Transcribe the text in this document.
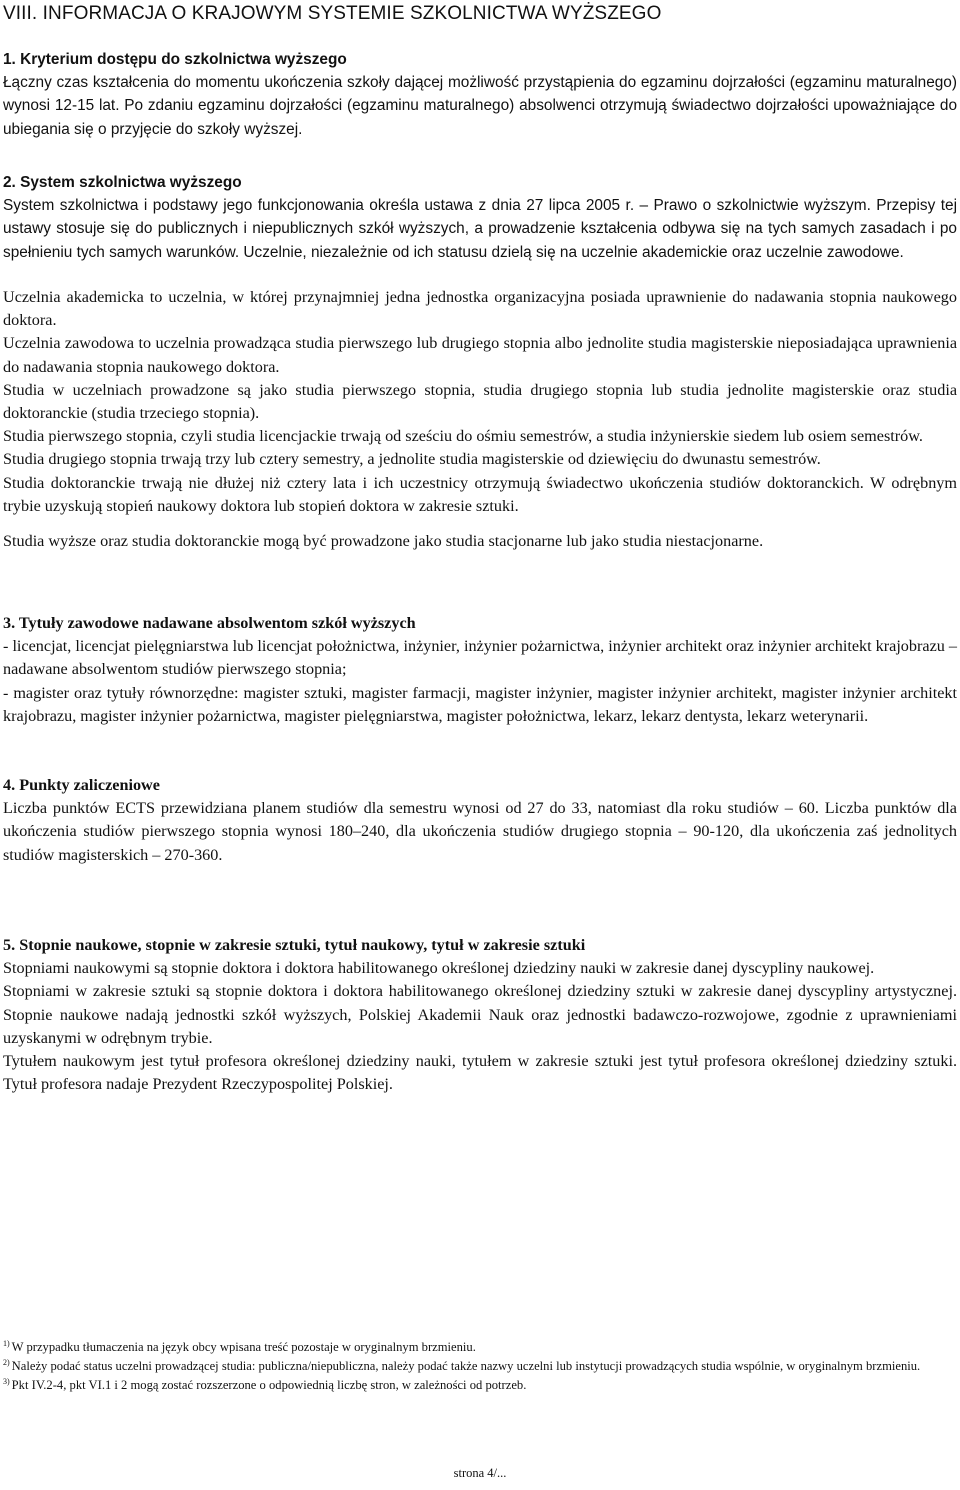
VIII. INFORMACJA O KRAJOWYM SYSTEMIE SZKOLNICTWA WYŻSZEGO
1. Kryterium dostępu do szkolnictwa wyższego

Łączny czas kształcenia do momentu ukończenia szkoły dającej możliwość przystąpienia do egzaminu dojrzałości (egzaminu maturalnego) wynosi 12-15 lat. Po zdaniu egzaminu dojrzałości (egzaminu maturalnego) absolwenci otrzymują świadectwo dojrzałości upoważniające do ubiegania się o przyjęcie do szkoły wyższej.

2. System szkolnictwa wyższego

System szkolnictwa i podstawy jego funkcjonowania określa ustawa z dnia 27 lipca 2005 r. – Prawo o szkolnictwie wyższym. Przepisy tej ustawy stosuje się do publicznych i niepublicznych szkół wyższych, a prowadzenie kształcenia odbywa się na tych samych zasadach i po spełnieniu tych samych warunków. Uczelnie, niezależnie od ich statusu dzielą się na uczelnie akademickie oraz uczelnie zawodowe.

Uczelnia akademicka to uczelnia, w której przynajmniej jedna jednostka organizacyjna posiada uprawnienie do nadawania stopnia naukowego doktora.

Uczelnia zawodowa to uczelnia prowadząca studia pierwszego lub drugiego stopnia albo jednolite studia magisterskie nieposiadająca uprawnienia do nadawania stopnia naukowego doktora.

Studia w uczelniach prowadzone są jako studia pierwszego stopnia, studia drugiego stopnia lub studia jednolite magisterskie oraz studia doktoranckie (studia trzeciego stopnia).

Studia pierwszego stopnia, czyli studia licencjackie trwają od sześciu do ośmiu semestrów, a studia inżynierskie siedem lub osiem semestrów.

Studia drugiego stopnia trwają trzy lub cztery semestry, a jednolite studia magisterskie od dziewięciu do dwunastu semestrów.

Studia doktoranckie trwają nie dłużej niż cztery lata i ich uczestnicy otrzymują świadectwo ukończenia studiów doktoranckich. W odrębnym trybie uzyskują stopień naukowy doktora lub stopień doktora w zakresie sztuki.

Studia wyższe oraz studia doktoranckie mogą być prowadzone jako studia stacjonarne lub jako studia niestacjonarne.

3. Tytuły zawodowe nadawane absolwentom szkół wyższych

- licencjat, licencjat pielęgniarstwa lub licencjat położnictwa, inżynier, inżynier pożarnictwa, inżynier architekt oraz inżynier architekt krajobrazu – nadawane absolwentom studiów pierwszego stopnia;

- magister oraz tytuły równorzędne: magister sztuki, magister farmacji, magister inżynier, magister inżynier architekt, magister inżynier architekt krajobrazu, magister inżynier pożarnictwa, magister pielęgniarstwa, magister położnictwa, lekarz, lekarz dentysta, lekarz weterynarii.

4. Punkty zaliczeniowe

Liczba punktów ECTS przewidziana planem studiów dla semestru wynosi od 27 do 33, natomiast dla roku studiów – 60. Liczba punktów dla ukończenia studiów pierwszego stopnia wynosi 180–240, dla ukończenia studiów drugiego stopnia – 90-120, dla ukończenia zaś jednolitych studiów magisterskich – 270-360.

5. Stopnie naukowe, stopnie w zakresie sztuki, tytuł naukowy, tytuł w zakresie sztuki

Stopniami naukowymi są stopnie doktora i doktora habilitowanego określonej dziedziny nauki w zakresie danej dyscypliny naukowej.

Stopniami w zakresie sztuki są stopnie doktora i doktora habilitowanego określonej dziedziny sztuki w zakresie danej dyscypliny artystycznej. Stopnie naukowe nadają jednostki szkół wyższych, Polskiej Akademii Nauk oraz jednostki badawczo-rozwojowe, zgodnie z uprawnieniami uzyskanymi w odrębnym trybie.

Tytułem naukowym jest tytuł profesora określonej dziedziny nauki, tytułem w zakresie sztuki jest tytuł profesora określonej dziedziny sztuki. Tytuł profesora nadaje Prezydent Rzeczypospolitej Polskiej.

$^{1)}$ W przypadku tłumaczenia na język obcy wpisana treść pozostaje w oryginalnym brzmieniu.

$^{2)}$ Należy podać status uczelni prowadzącej studia: publiczna/niepubliczna, należy podać także nazwy uczelni lub instytucji prowadzących studia wspólnie, w oryginalnym brzmieniu.

$^{3)}$ Pkt IV.2-4, pkt VI.1 i 2 mogą zostać rozszerzone o odpowiednią liczbę stron, w zależności od potrzeb.

strona 4/...
